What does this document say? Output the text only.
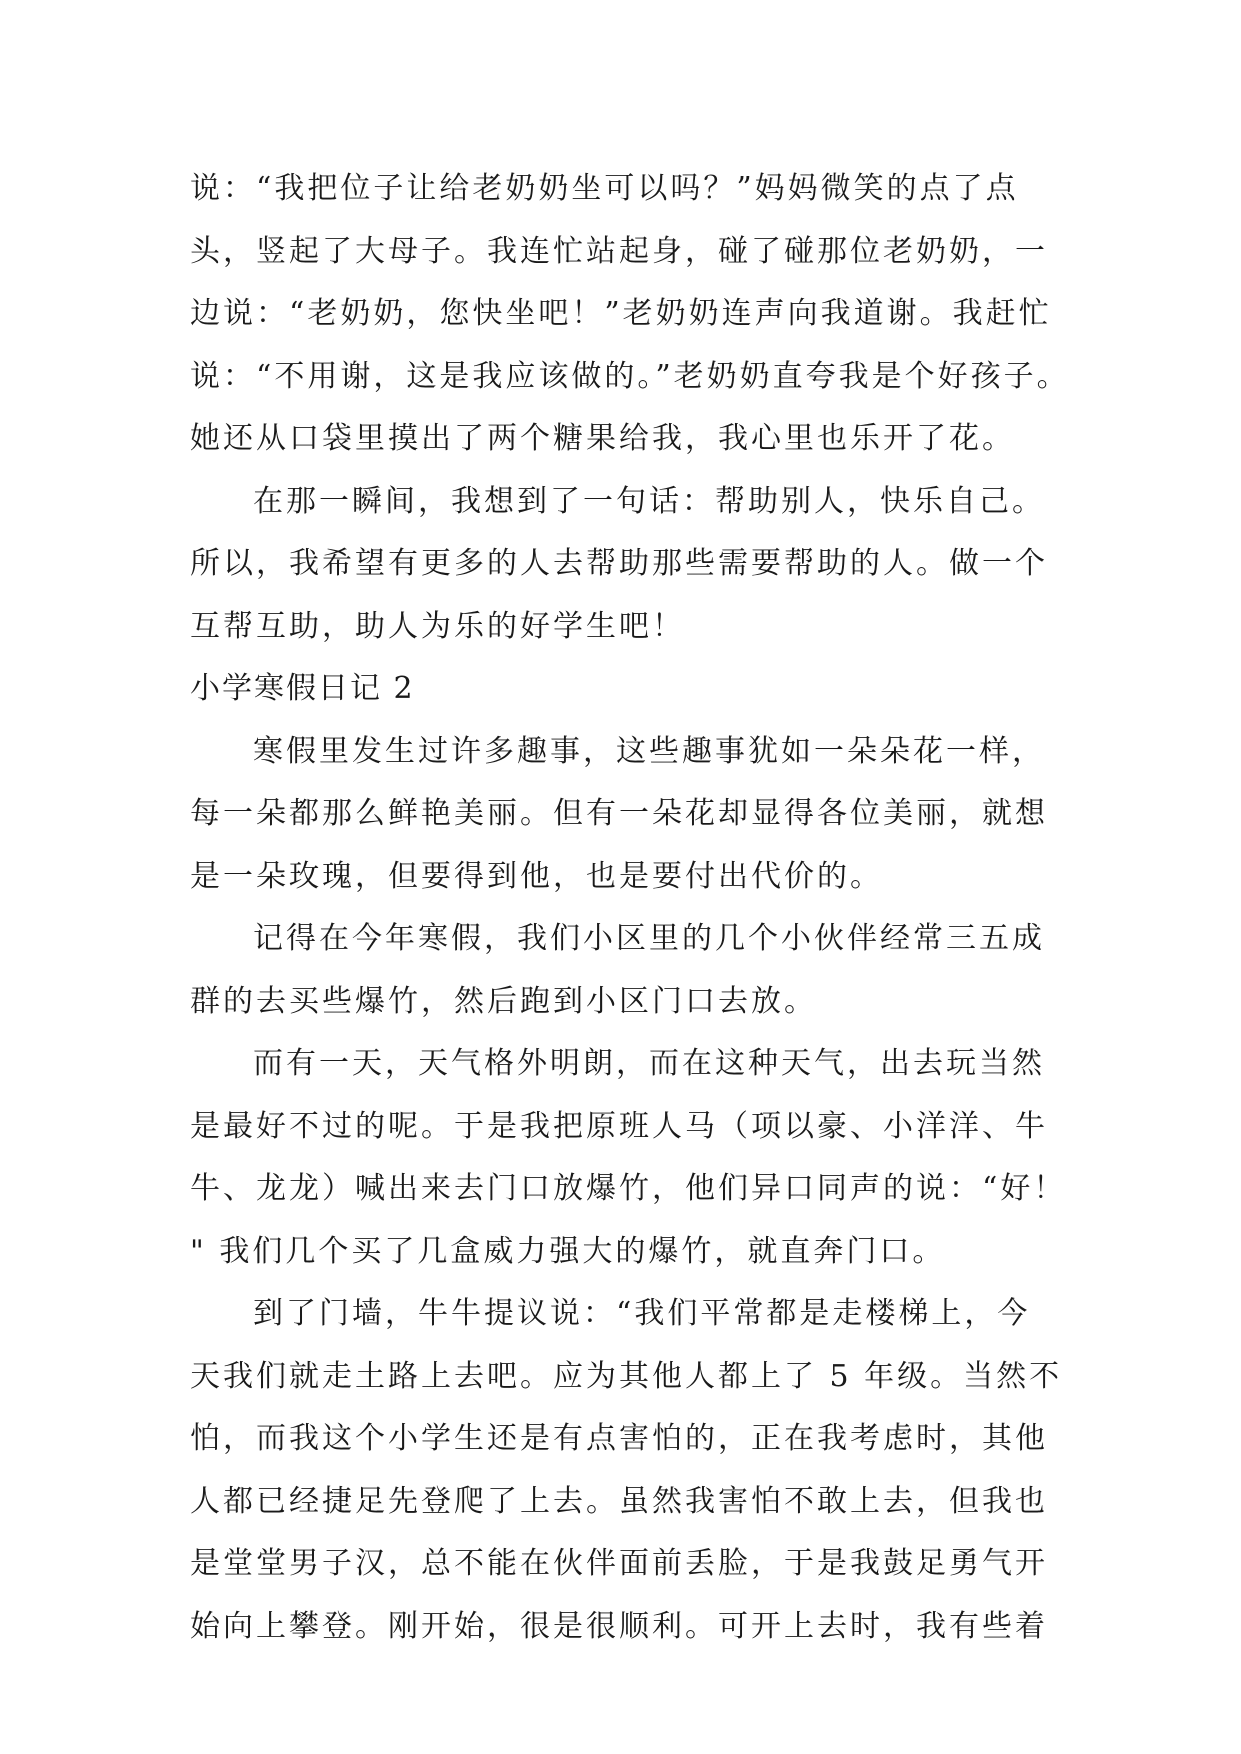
说：“我把位子让给老奶奶坐可以吗？”妈妈微笑的点了点
头，竖起了大母子。我连忙站起身，碰了碰那位老奶奶，一
边说：“老奶奶，您快坐吧！”老奶奶连声向我道谢。我赶忙
说：“不用谢，这是我应该做的。”老奶奶直夸我是个好孩子。
她还从口袋里摸出了两个糖果给我，我心里也乐开了花。
在那一瞬间，我想到了一句话：帮助别人，快乐自己。
所以，我希望有更多的人去帮助那些需要帮助的人。做一个
互帮互助，助人为乐的好学生吧！
小学寒假日记 2
寒假里发生过许多趣事，这些趣事犹如一朵朵花一样，
每一朵都那么鲜艳美丽。但有一朵花却显得各位美丽，就想
是一朵玫瑰，但要得到他，也是要付出代价的。
记得在今年寒假，我们小区里的几个小伙伴经常三五成
群的去买些爆竹，然后跑到小区门口去放。
而有一天，天气格外明朗，而在这种天气，出去玩当然
是最好不过的呢。于是我把原班人马（项以豪、小洋洋、牛
牛、龙龙）喊出来去门口放爆竹，他们异口同声的说：“好！
" 我们几个买了几盒威力强大的爆竹，就直奔门口。
到了门墙，牛牛提议说：“我们平常都是走楼梯上，今
天我们就走土路上去吧。应为其他人都上了 5 年级。当然不
怕，而我这个小学生还是有点害怕的，正在我考虑时，其他
人都已经捷足先登爬了上去。虽然我害怕不敢上去，但我也
是堂堂男子汉，总不能在伙伴面前丢脸，于是我鼓足勇气开
始向上攀登。刚开始，很是很顺利。可开上去时，我有些着
